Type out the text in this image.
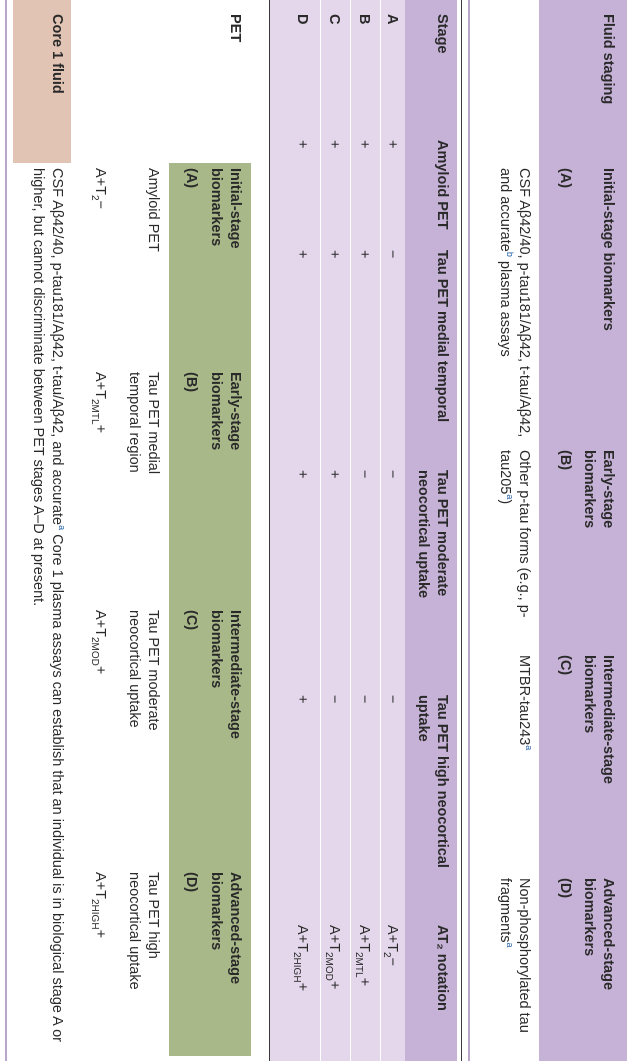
Fluid staging
Initial-stage biomarkers
(A)
Early-stage biomarkers
(B)
Intermediate-stage biomarkers
(C)
Advanced-stage biomarkers
(D)
CSF Aβ42/40, p-tau181/Aβ42, t-tau/Aβ42, and accurate$^b$ plasma assays
Other p-tau forms (e.g., p-tau205$^a$)
MTBR-tau243$^a$
Non-phosphorylated tau fragments$^a$
Stage
Amyloid PET
Tau PET medial temporal
Tau PET moderate neocortical uptake
Tau PET high neocortical uptake
AT₂ notation
A
+
−
−
−
$A+T_2-$
B
+
+
−
−
$A+T_{2MTL}+$
C
+
+
+
−
$A+T_{2MOD}+$
D
+
+
+
+
$A+T_{2HIGH}+$
PET
Initial-stage biomarkers
(A)
Early-stage biomarkers
(B)
Intermediate-stage biomarkers
(C)
Advanced-stage biomarkers
(D)
Amyloid PET
Tau PET medial temporal region
Tau PET moderate neocortical uptake
Tau PET high neocortical uptake
$A+T_2-$
$A+T_{2MTL}+$
$A+T_{2MOD}+$
$A+T_{2HIGH}+$
Core 1 fluid
CSF Aβ42/40, p-tau181/Aβ42, t-tau/Aβ42, and accurate$^a$ Core 1 plasma assays can establish that an individual is in biological stage A or higher, but cannot discriminate between PET stages A–D at present.
